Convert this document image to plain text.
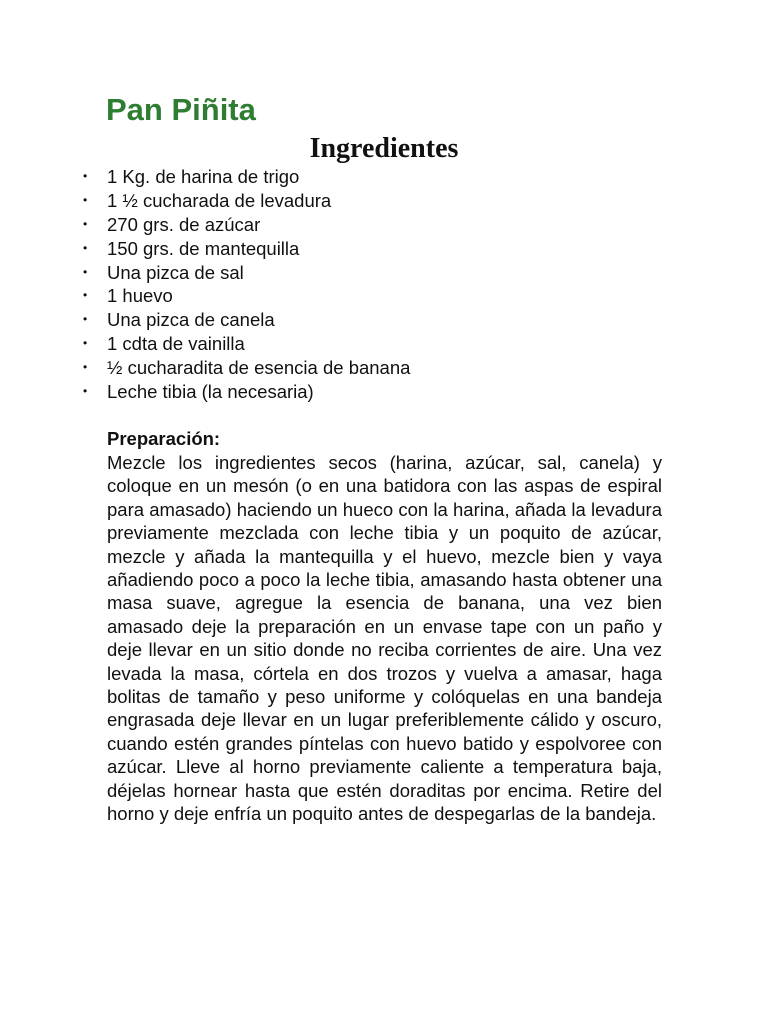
Pan Piñita
Ingredientes
• 1 Kg. de harina de trigo
• 1 ½ cucharada de levadura
• 270 grs. de azúcar
• 150 grs. de mantequilla
• Una pizca de sal
• 1 huevo
• Una pizca de canela
• 1 cdta de vainilla
• ½ cucharadita de esencia de banana
• Leche tibia (la necesaria)
Preparación:

Mezcle los ingredientes secos (harina, azúcar, sal, canela) y coloque en un mesón (o en una batidora con las aspas de espiral para amasado) haciendo un hueco con la harina, añada la levadura previamente mezclada con leche tibia y un poquito de azúcar, mezcle y añada la mantequilla y el huevo, mezcle bien y vaya añadiendo poco a poco la leche tibia, amasando hasta obtener una masa suave, agregue la esencia de banana, una vez bien amasado deje la preparación en un envase tape con un paño y deje llevar en un sitio donde no reciba corrientes de aire. Una vez levada la masa, córtela en dos trozos y vuelva a amasar, haga bolitas de tamaño y peso uniforme y colóquelas en una bandeja engrasada deje llevar en un lugar preferiblemente cálido y oscuro, cuando estén grandes píntelas con huevo batido y espolvoree con azúcar. Lleve al horno previamente caliente a temperatura baja, déjelas hornear hasta que estén doraditas por encima. Retire del horno y deje enfría un poquito antes de despegarlas de la bandeja.
